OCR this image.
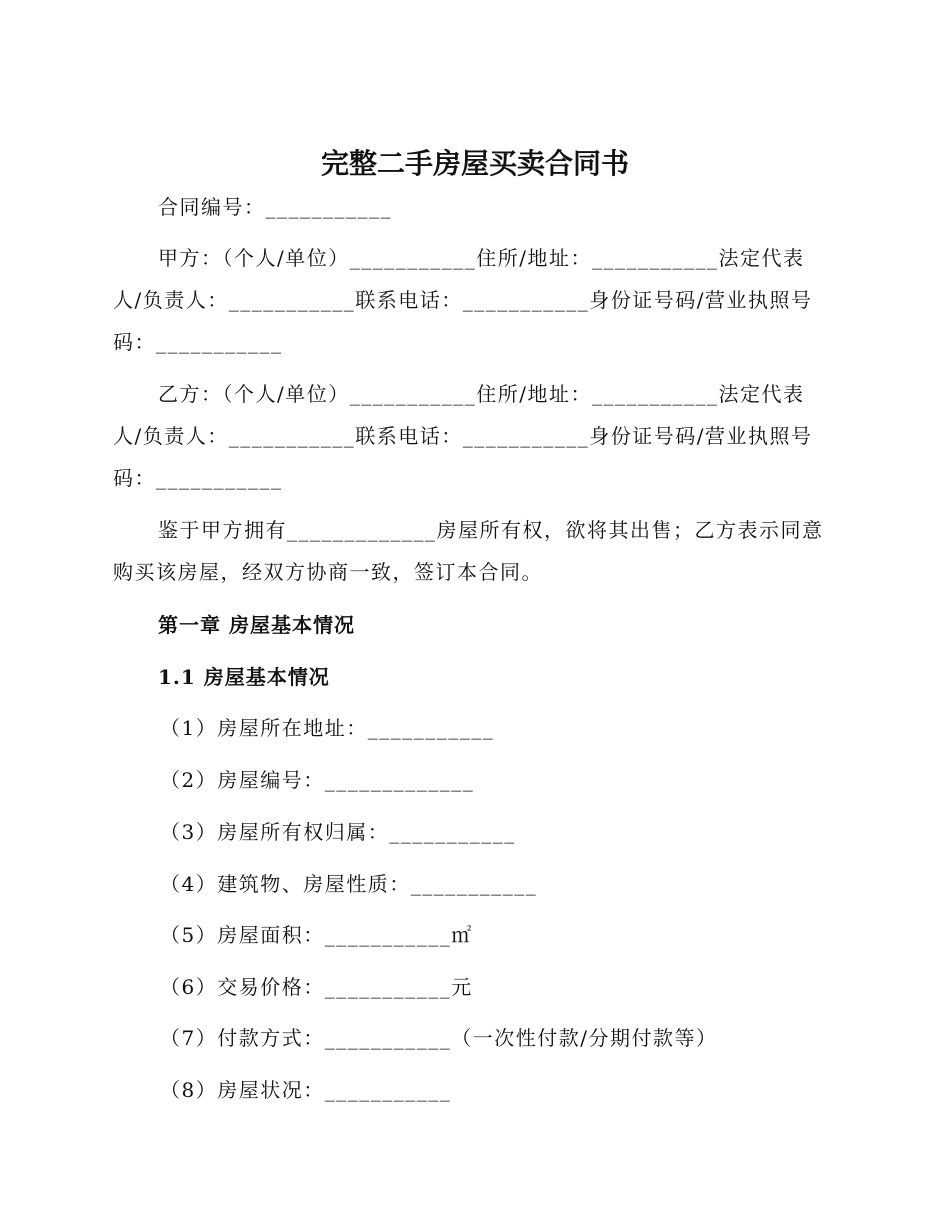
完整二手房屋买卖合同书

合同编号：___________

甲方：（个人/单位）___________住所/地址：___________法定代表人/负责人：___________联系电话：___________身份证号码/营业执照号码：___________

乙方：（个人/单位）___________住所/地址：___________法定代表人/负责人：___________联系电话：___________身份证号码/营业执照号码：___________

鉴于甲方拥有_____________房屋所有权，欲将其出售；乙方表示同意购买该房屋，经双方协商一致，签订本合同。

第一章 房屋基本情况

1.1 房屋基本情况

（1）房屋所在地址：___________

（2）房屋编号：_____________

（3）房屋所有权归属：___________

（4）建筑物、房屋性质：___________

（5）房屋面积：___________㎡

（6）交易价格：___________元

（7）付款方式：___________（一次性付款/分期付款等）

（8）房屋状况：___________
